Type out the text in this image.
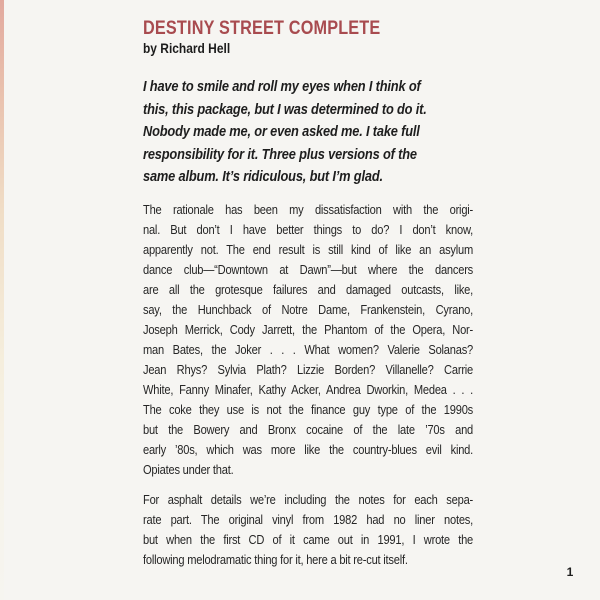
DESTINY STREET COMPLETE
by Richard Hell
I have to smile and roll my eyes when I think of
this, this package, but I was determined to do it.
Nobody made me, or even asked me. I take full
responsibility for it. Three plus versions of the
same album. It’s ridiculous, but I’m glad.
The rationale has been my dissatisfaction with the origi-
nal. But don’t I have better things to do? I don’t know,
apparently not. The end result is still kind of like an asylum
dance club—“Downtown at Dawn”—but where the dancers
are all the grotesque failures and damaged outcasts, like,
say, the Hunchback of Notre Dame, Frankenstein, Cyrano,
Joseph Merrick, Cody Jarrett, the Phantom of the Opera, Nor-
man Bates, the Joker . . . What women? Valerie Solanas?
Jean Rhys? Sylvia Plath? Lizzie Borden? Villanelle? Carrie
White, Fanny Minafer, Kathy Acker, Andrea Dworkin, Medea . . .
The coke they use is not the finance guy type of the 1990s
but the Bowery and Bronx cocaine of the late ’70s and
early ’80s, which was more like the country-blues evil kind.
Opiates under that.
For asphalt details we’re including the notes for each sepa-
rate part. The original vinyl from 1982 had no liner notes,
but when the first CD of it came out in 1991, I wrote the
following melodramatic thing for it, here a bit re-cut itself.
1
